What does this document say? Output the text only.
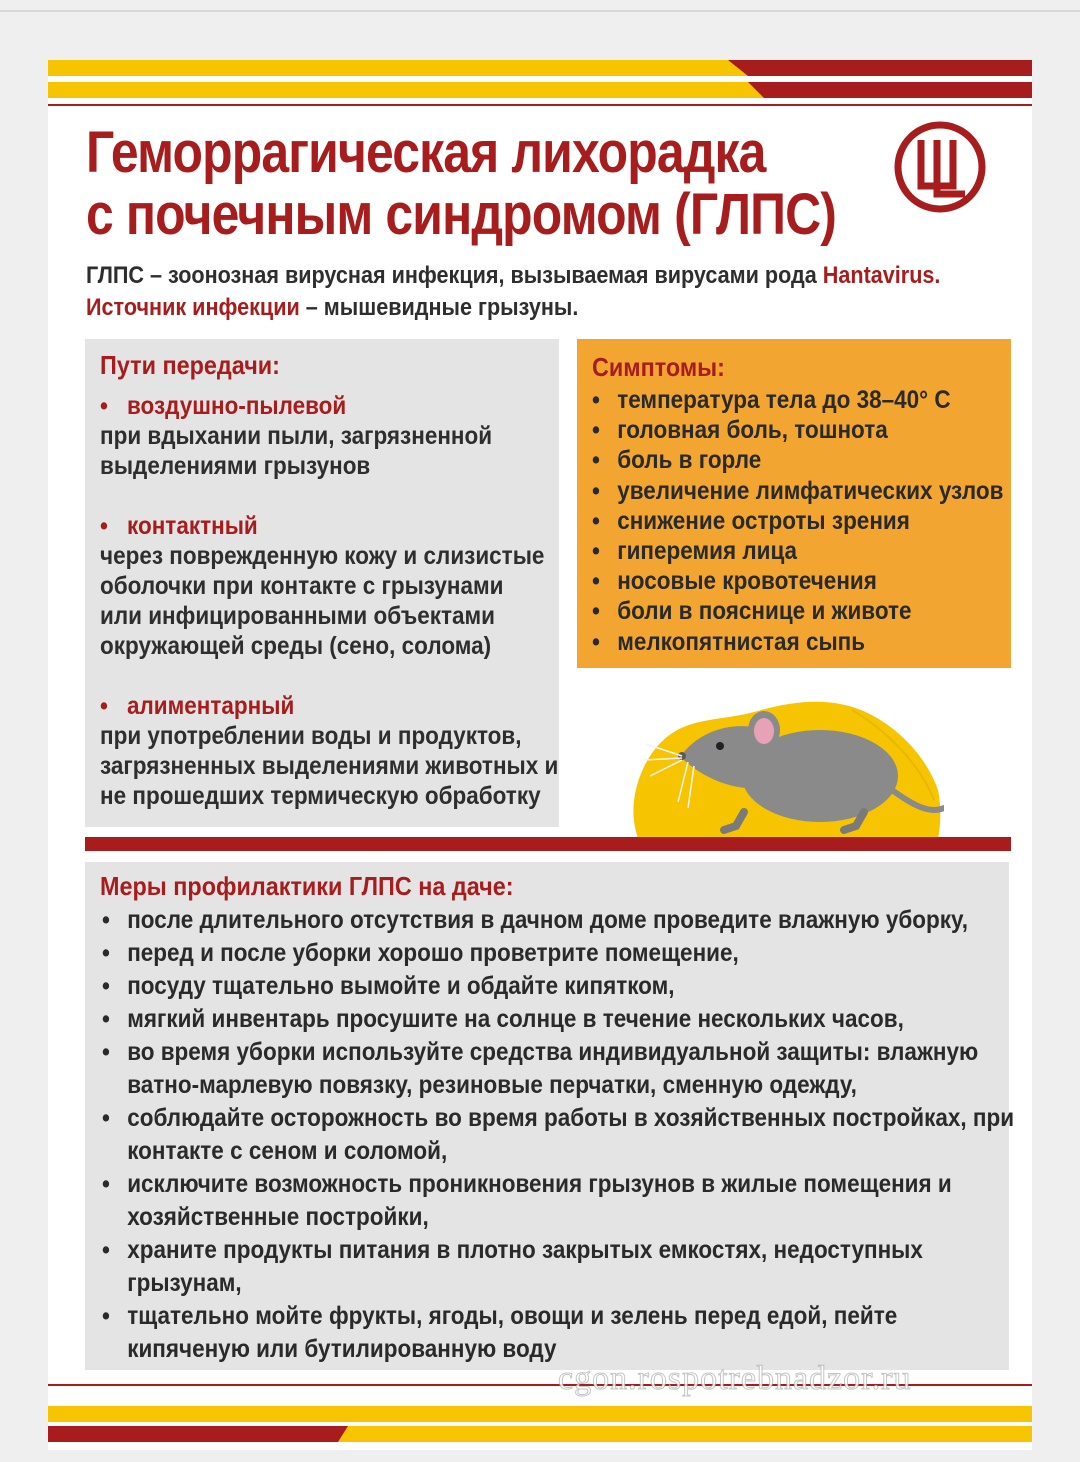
Геморрагическая лихорадка
с почечным синдромом (ГЛПС)
ГЛПС – зоонозная вирусная инфекция, вызываемая вирусами рода Hantavirus.
Источник инфекции – мышевидные грызуны.
Пути передачи:
• воздушно-пылевой
при вдыхании пыли, загрязненной
выделениями грызунов
• контактный
через поврежденную кожу и слизистые
оболочки при контакте с грызунами
или инфицированными объектами
окружающей среды (сено, солома)
• алиментарный
при употреблении воды и продуктов,
загрязненных выделениями животных и
не прошедших термическую обработку
Симптомы:
• температура тела до 38–40° С
• головная боль, тошнота
• боль в горле
• увеличение лимфатических узлов
• снижение остроты зрения
• гиперемия лица
• носовые кровотечения
• боли в пояснице и животе
• мелкопятнистая сыпь
Меры профилактики ГЛПС на даче:
• после длительного отсутствия в дачном доме проведите влажную уборку,
• перед и после уборки хорошо проветрите помещение,
• посуду тщательно вымойте и обдайте кипятком,
• мягкий инвентарь просушите на солнце в течение нескольких часов,
• во время уборки используйте средства индивидуальной защиты: влажную
ватно-марлевую повязку, резиновые перчатки, сменную одежду,
• соблюдайте осторожность во время работы в хозяйственных постройках, при
контакте с сеном и соломой,
• исключите возможность проникновения грызунов в жилые помещения и
хозяйственные постройки,
• храните продукты питания в плотно закрытых емкостях, недоступных
грызунам,
• тщательно мойте фрукты, ягоды, овощи и зелень перед едой, пейте
кипяченую или бутилированную воду
cgon.rospotrebnadzor.ru
